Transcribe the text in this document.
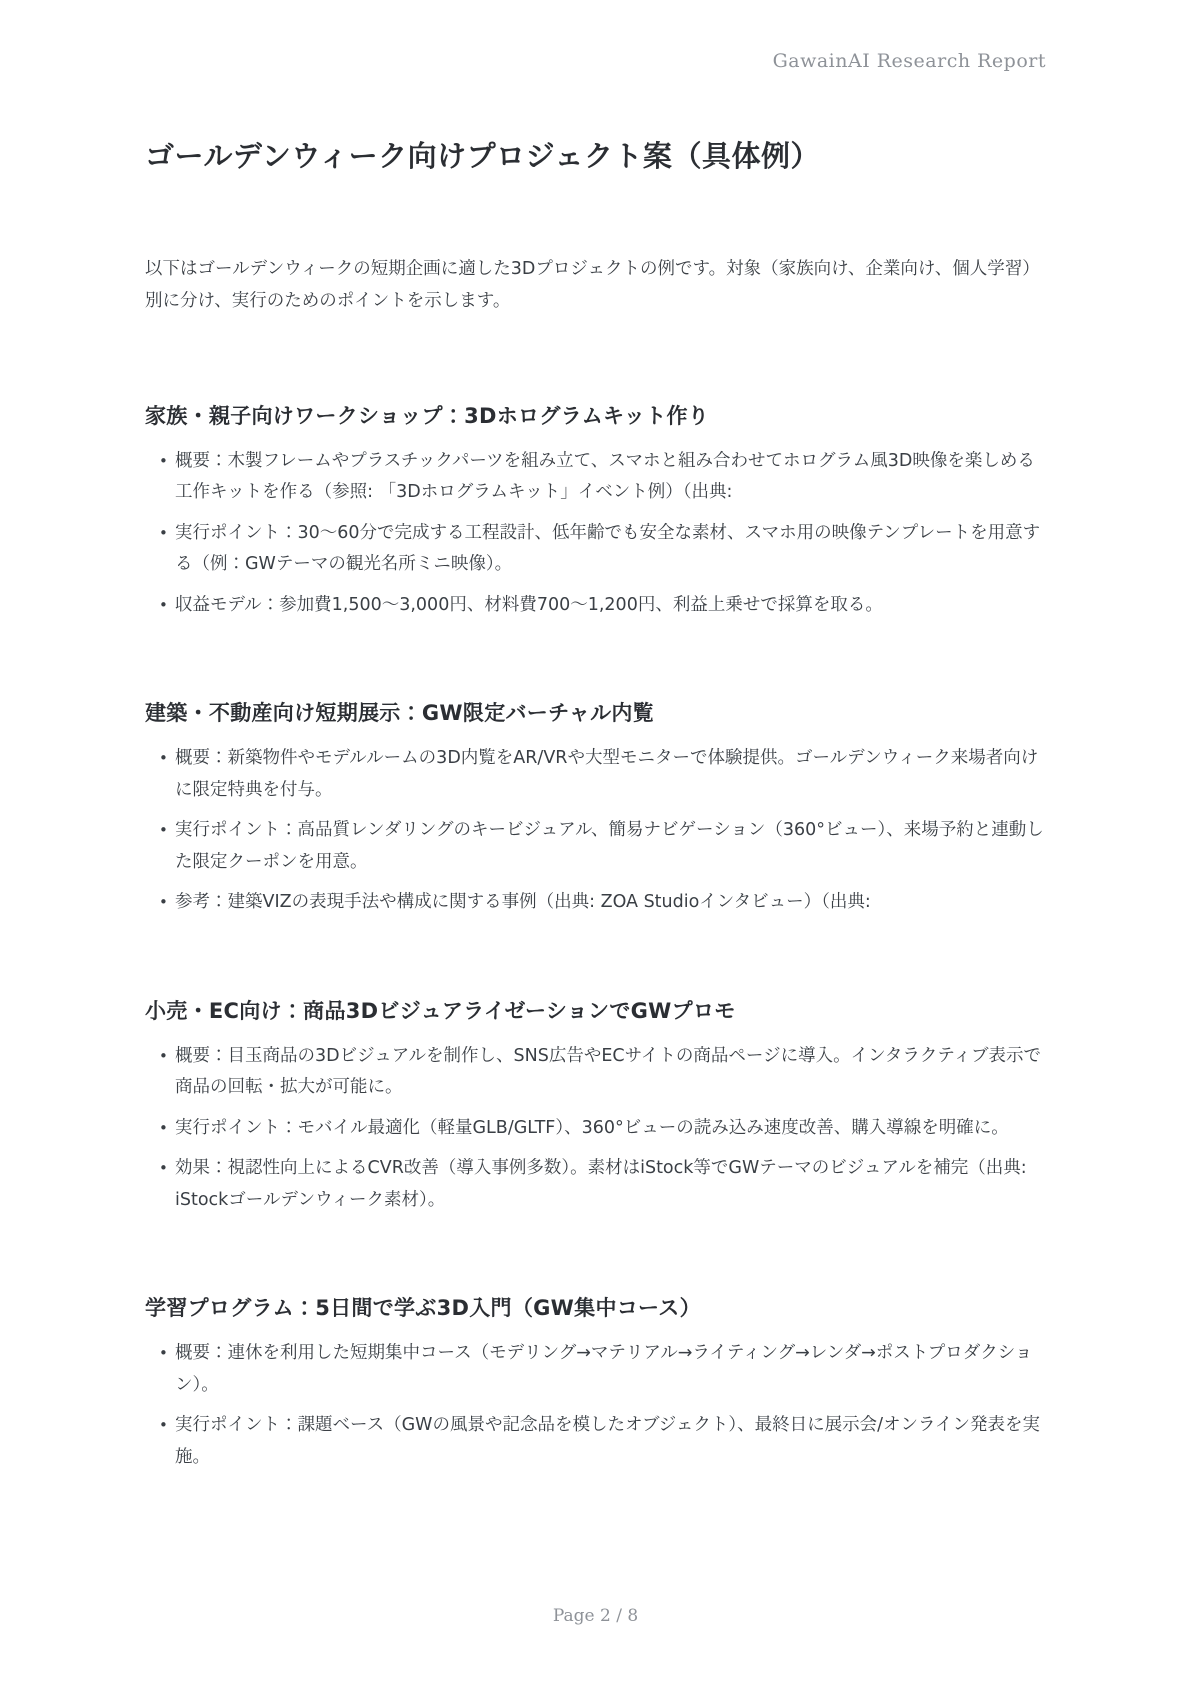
GawainAI Research Report
ゴールデンウィーク向けプロジェクト案（具体例）

以下はゴールデンウィークの短期企画に適した3Dプロジェクトの例です。対象（家族向け、企業向け、個人学習）別に分け、実行のためのポイントを示します。

家族・親子向けワークショップ：3Dホログラムキット作り
• 概要：木製フレームやプラスチックパーツを組み立て、スマホと組み合わせてホログラム風3D映像を楽しめる工作キットを作る（参照: 「3Dホログラムキット」イベント例）（出典:
• 実行ポイント：30〜60分で完成する工程設計、低年齢でも安全な素材、スマホ用の映像テンプレートを用意する（例：GWテーマの観光名所ミニ映像）。
• 収益モデル：参加費1,500〜3,000円、材料費700〜1,200円、利益上乗せで採算を取る。
建築・不動産向け短期展示：GW限定バーチャル内覧
• 概要：新築物件やモデルルームの3D内覧をAR/VRや大型モニターで体験提供。ゴールデンウィーク来場者向けに限定特典を付与。
• 実行ポイント：高品質レンダリングのキービジュアル、簡易ナビゲーション（360°ビュー）、来場予約と連動した限定クーポンを用意。
• 参考：建築VIZの表現手法や構成に関する事例（出典: ZOA Studioインタビュー）（出典:
小売・EC向け：商品3DビジュアライゼーションでGWプロモ
• 概要：目玉商品の3Dビジュアルを制作し、SNS広告やECサイトの商品ページに導入。インタラクティブ表示で商品の回転・拡大が可能に。
• 実行ポイント：モバイル最適化（軽量GLB/GLTF）、360°ビューの読み込み速度改善、購入導線を明確に。
• 効果：視認性向上によるCVR改善（導入事例多数）。素材はiStock等でGWテーマのビジュアルを補完（出典: iStockゴールデンウィーク素材）。
学習プログラム：5日間で学ぶ3D入門（GW集中コース）
• 概要：連休を利用した短期集中コース（モデリング→マテリアル→ライティング→レンダ→ポストプロダクション）。
• 実行ポイント：課題ベース（GWの風景や記念品を模したオブジェクト）、最終日に展示会/オンライン発表を実施。
Page 2 / 8
